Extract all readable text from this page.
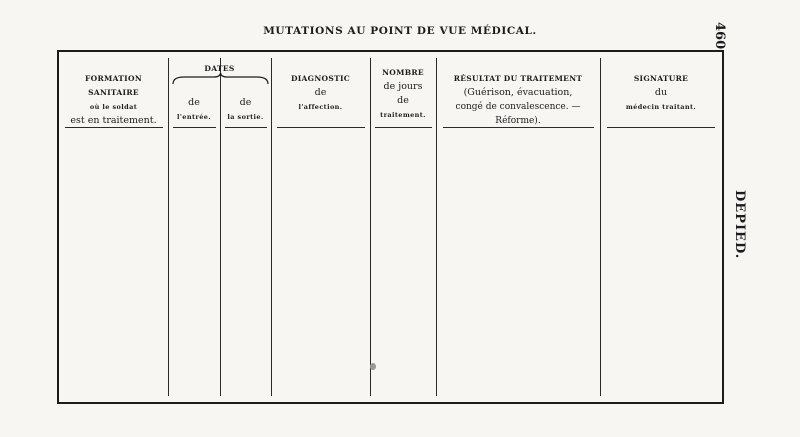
MUTATIONS AU POINT DE VUE MÉDICAL.	460
DEPIED.
FORMATION SANITAIRE
où le soldat
est en traitement.
DATES
de
l'entrée.
de
la sortie.
DIAGNOSTIC
de
l'affection.
NOMBRE
de jours
de
traitement.
RÉSULTAT DU TRAITEMENT
(Guérison, évacuation,
congé de convalescence. — Réforme).
SIGNATURE
du
médecin traitant.
